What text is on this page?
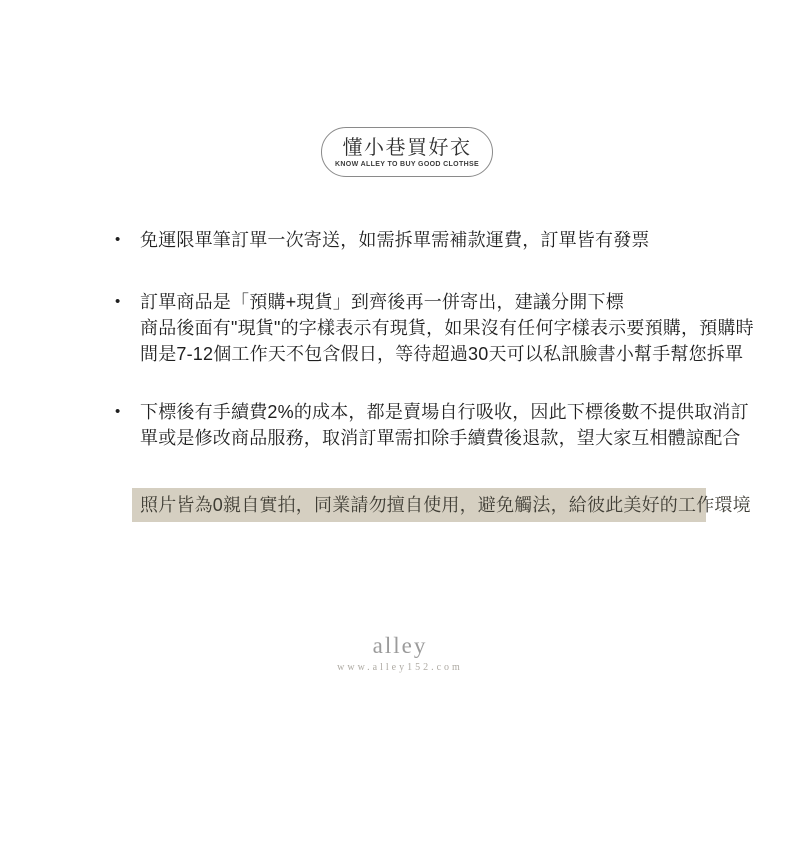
懂小巷買好衣
KNOW ALLEY TO BUY GOOD CLOTHSE
•	免運限單筆訂單一次寄送，如需拆單需補款運費，訂單皆有發票
•	訂單商品是「預購+現貨」到齊後再一併寄出，建議分開下標
商品後面有"現貨"的字樣表示有現貨，如果沒有任何字樣表示要預購，預購時
間是7-12個工作天不包含假日，等待超過30天可以私訊臉書小幫手幫您拆單
•	下標後有手續費2%的成本，都是賣場自行吸收，因此下標後數不提供取消訂
單或是修改商品服務，取消訂單需扣除手續費後退款，望大家互相體諒配合
照片皆為0親自實拍，同業請勿擅自使用，避免觸法，給彼此美好的工作環境
alley
www.alley152.com
